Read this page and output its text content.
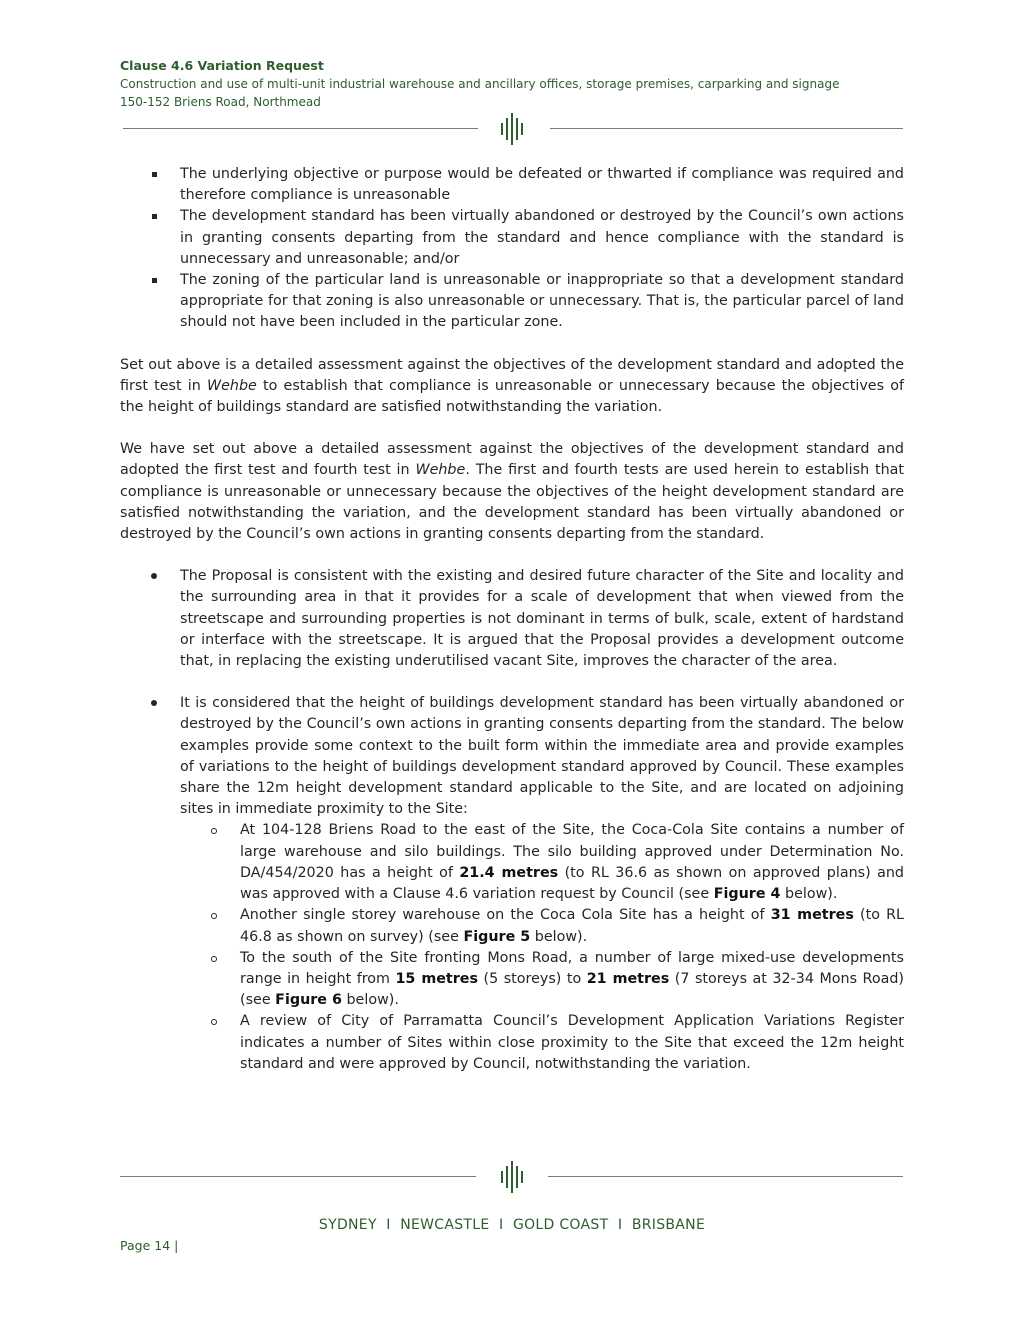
Clause 4.6 Variation Request
Construction and use of multi-unit industrial warehouse and ancillary offices, storage premises, carparking and signage
150-152 Briens Road, Northmead
The underlying objective or purpose would be defeated or thwarted if compliance was required and therefore compliance is unreasonable
The development standard has been virtually abandoned or destroyed by the Council’s own actions in granting consents departing from the standard and hence compliance with the standard is unnecessary and unreasonable; and/or
The zoning of the particular land is unreasonable or inappropriate so that a development standard appropriate for that zoning is also unreasonable or unnecessary. That is, the particular parcel of land should not have been included in the particular zone.

Set out above is a detailed assessment against the objectives of the development standard and adopted the first test in Wehbe to establish that compliance is unreasonable or unnecessary because the objectives of the height of buildings standard are satisfied notwithstanding the variation.

We have set out above a detailed assessment against the objectives of the development standard and adopted the first test and fourth test in Wehbe. The first and fourth tests are used herein to establish that compliance is unreasonable or unnecessary because the objectives of the height development standard are satisfied notwithstanding the variation, and the development standard has been virtually abandoned or destroyed by the Council’s own actions in granting consents departing from the standard.

The Proposal is consistent with the existing and desired future character of the Site and locality and the surrounding area in that it provides for a scale of development that when viewed from the streetscape and surrounding properties is not dominant in terms of bulk, scale, extent of hardstand or interface with the streetscape. It is argued that the Proposal provides a development outcome that, in replacing the existing underutilised vacant Site, improves the character of the area.
It is considered that the height of buildings development standard has been virtually abandoned or destroyed by the Council’s own actions in granting consents departing from the standard. The below examples provide some context to the built form within the immediate area and provide examples of variations to the height of buildings development standard approved by Council. These examples share the 12m height development standard applicable to the Site, and are located on adjoining sites in immediate proximity to the Site:
At 104-128 Briens Road to the east of the Site, the Coca-Cola Site contains a number of large warehouse and silo buildings. The silo building approved under Determination No. DA/454/2020 has a height of 21.4 metres (to RL 36.6 as shown on approved plans) and was approved with a Clause 4.6 variation request by Council (see Figure 4 below).
Another single storey warehouse on the Coca Cola Site has a height of 31 metres (to RL 46.8 as shown on survey) (see Figure 5 below).
To the south of the Site fronting Mons Road, a number of large mixed-use developments range in height from 15 metres (5 storeys) to 21 metres (7 storeys at 32-34 Mons Road) (see Figure 6 below).
A review of City of Parramatta Council’s Development Application Variations Register indicates a number of Sites within close proximity to the Site that exceed the 12m height standard and were approved by Council, notwithstanding the variation.
SYDNEY  I  NEWCASTLE  I  GOLD COAST  I  BRISBANE
Page 14 |
